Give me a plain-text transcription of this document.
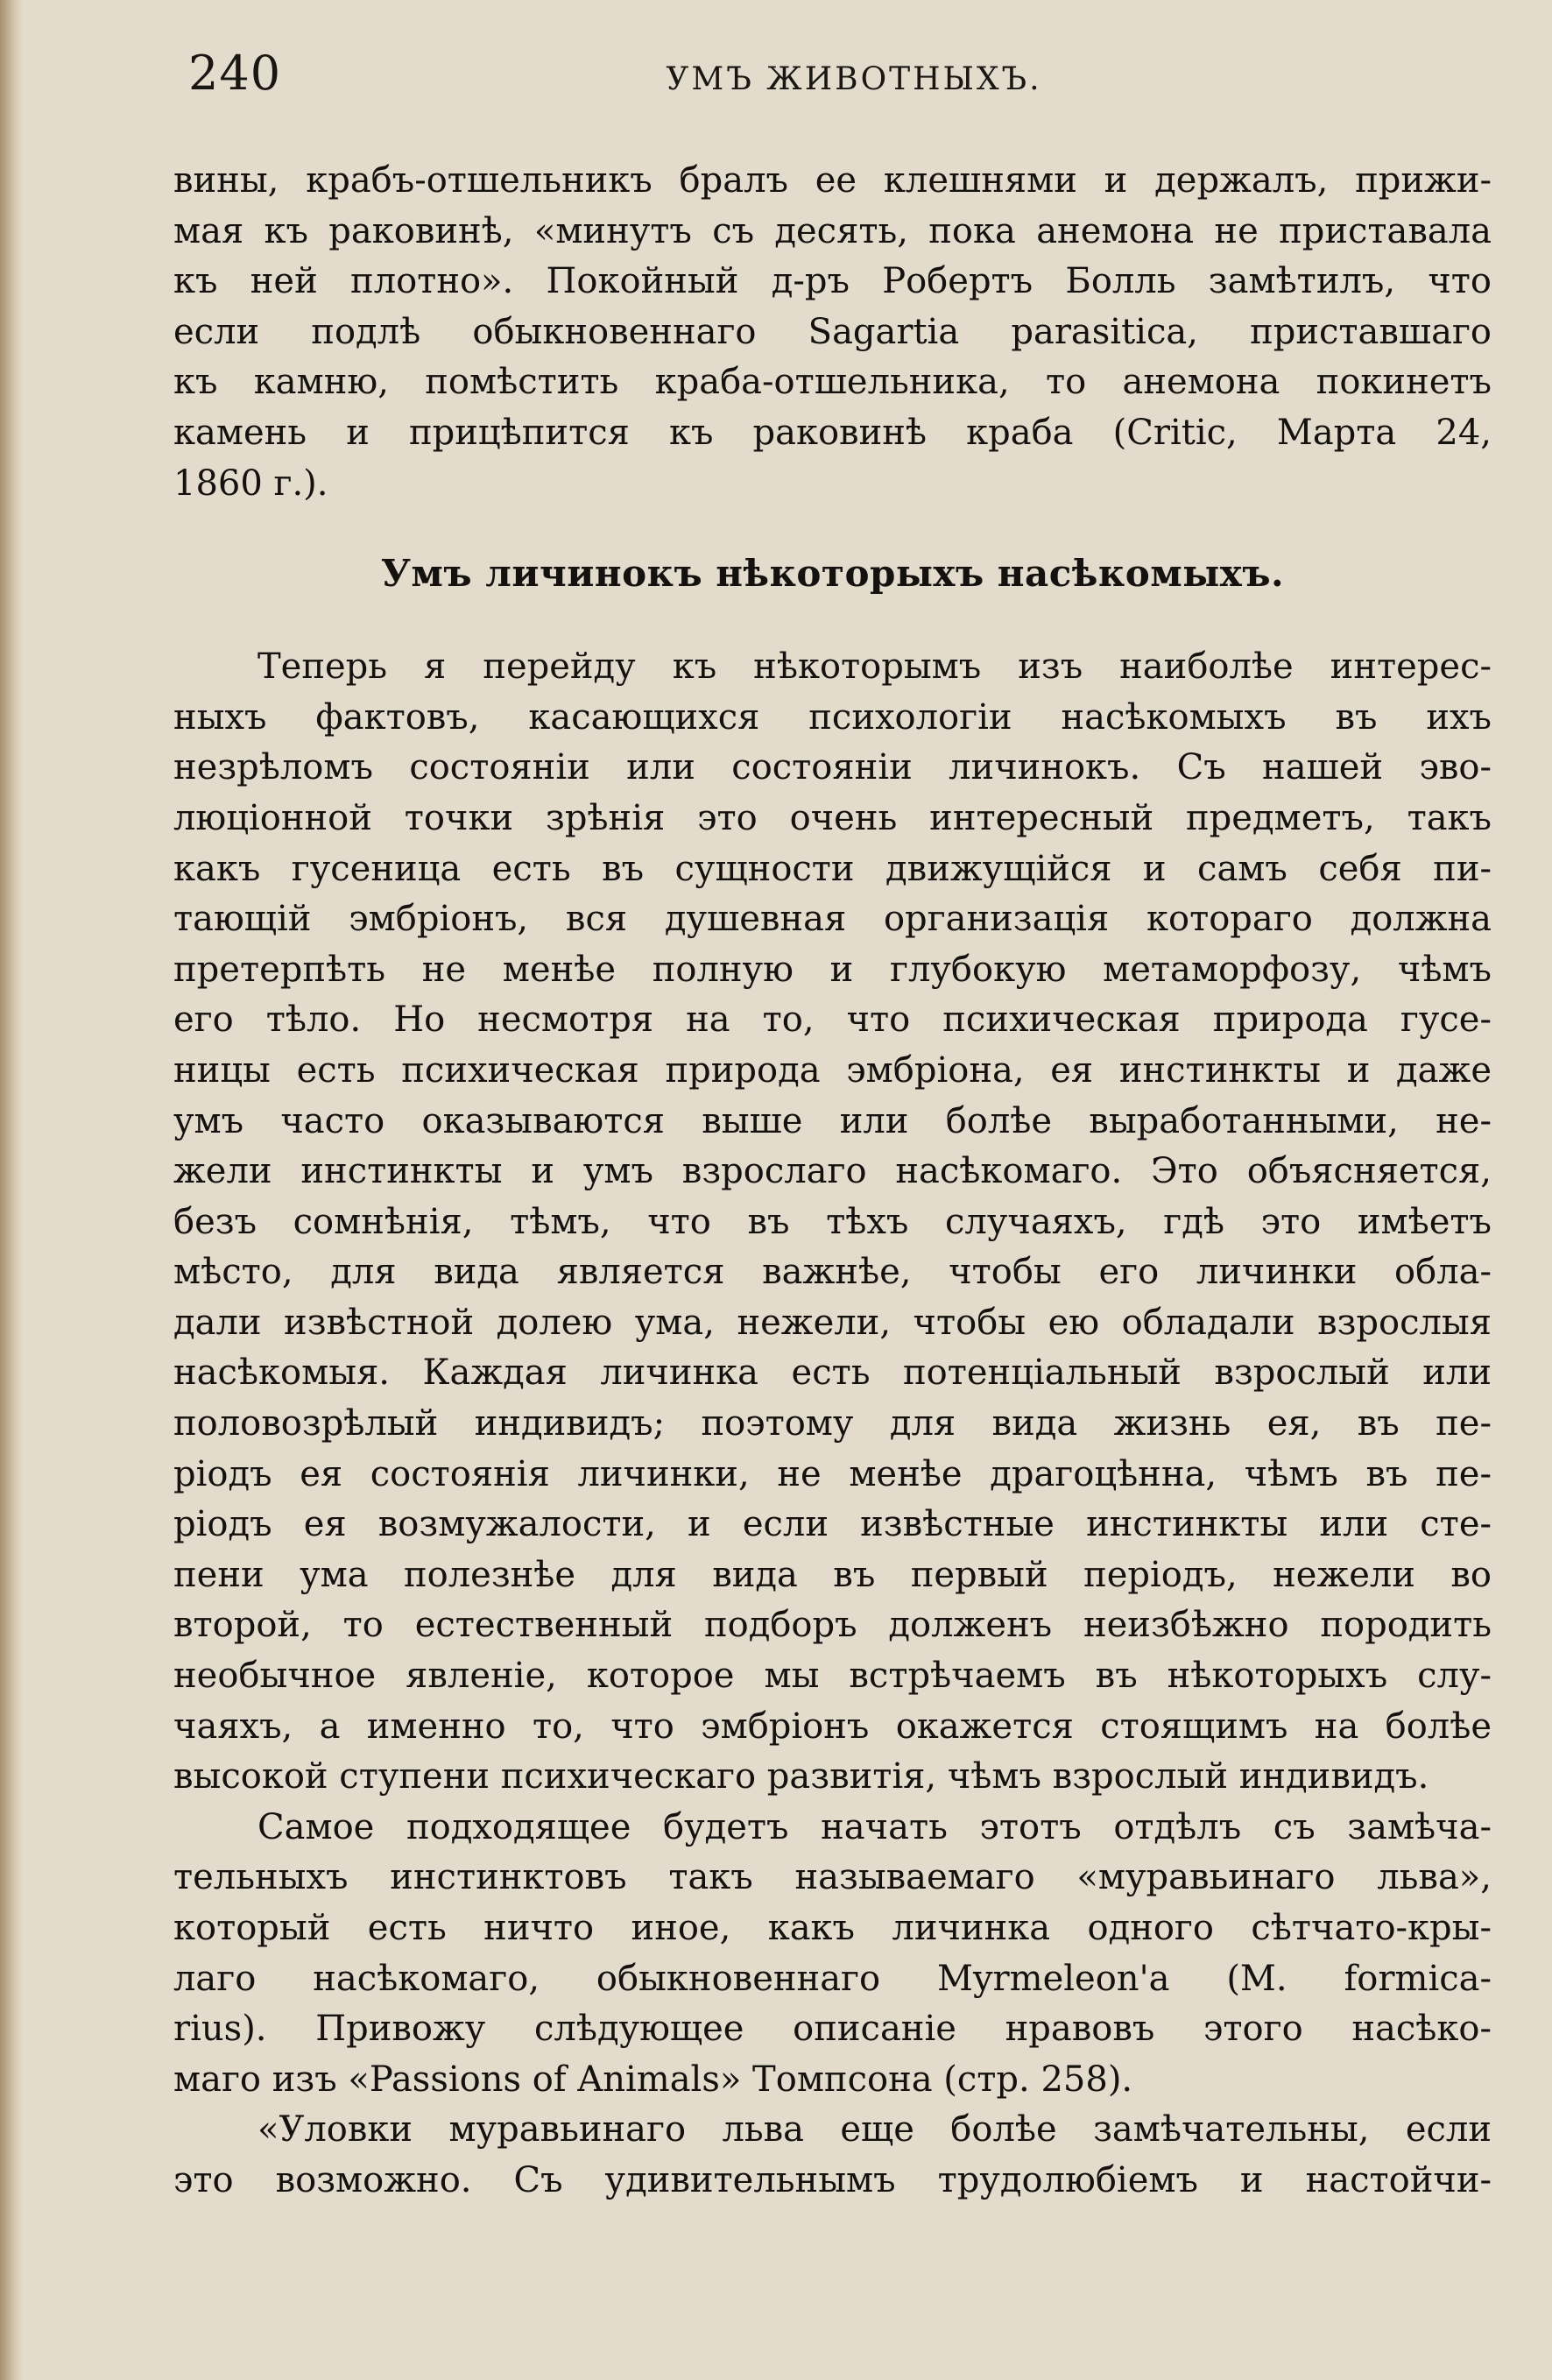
240	УМЪ ЖИВОТНЫХЪ.
вины, крабъ-отшельникъ бралъ ее клешнями и держалъ, прижи-
мая къ раковинѣ, «минутъ съ десять, пока анемона не приставала
къ ней плотно». Покойный д-ръ Робертъ Болль замѣтилъ, что
если подлѣ обыкновеннаго Sagartia parasitica, приставшаго
къ камню, помѣстить краба-отшельника, то анемона покинетъ
камень и прицѣпится къ раковинѣ краба (Critic, Марта 24,
1860 г.).
Умъ личинокъ нѣкоторыхъ насѣкомыхъ.
Теперь я перейду къ нѣкоторымъ изъ наиболѣе интерес-
ныхъ фактовъ, касающихся психологіи насѣкомыхъ въ ихъ
незрѣломъ состояніи или состояніи личинокъ. Съ нашей эво-
люціонной точки зрѣнія это очень интересный предметъ, такъ
какъ гусеница есть въ сущности движущійся и самъ себя пи-
тающій эмбріонъ, вся душевная организація котораго должна
претерпѣть не менѣе полную и глубокую метаморфозу, чѣмъ
его тѣло. Но несмотря на то, что психическая природа гусе-
ницы есть психическая природа эмбріона, ея инстинкты и даже
умъ часто оказываются выше или болѣе выработанными, не-
жели инстинкты и умъ взрослаго насѣкомаго. Это объясняется,
безъ сомнѣнія, тѣмъ, что въ тѣхъ случаяхъ, гдѣ это имѣетъ
мѣсто, для вида является важнѣе, чтобы его личинки обла-
дали извѣстной долею ума, нежели, чтобы ею обладали взрослыя
насѣкомыя. Каждая личинка есть потенціальный взрослый или
половозрѣлый индивидъ; поэтому для вида жизнь ея, въ пе-
ріодъ ея состоянія личинки, не менѣе драгоцѣнна, чѣмъ въ пе-
ріодъ ея возмужалости, и если извѣстные инстинкты или сте-
пени ума полезнѣе для вида въ первый періодъ, нежели во
второй, то естественный подборъ долженъ неизбѣжно породить
необычное явленіе, которое мы встрѣчаемъ въ нѣкоторыхъ слу-
чаяхъ, а именно то, что эмбріонъ окажется стоящимъ на болѣе
высокой ступени психическаго развитія, чѣмъ взрослый индивидъ.
Самое подходящее будетъ начать этотъ отдѣлъ съ замѣча-
тельныхъ инстинктовъ такъ называемаго «муравьинаго льва»,
который есть ничто иное, какъ личинка одного сѣтчато-кры-
лаго насѣкомаго, обыкновеннаго Myrmeleon'а (M. formica-
rius). Привожу слѣдующее описаніе нравовъ этого насѣко-
маго изъ «Passions of Animals» Томпсона (стр. 258).
«Уловки муравьинаго льва еще болѣе замѣчательны, если
это возможно. Съ удивительнымъ трудолюбіемъ и настойчи-
